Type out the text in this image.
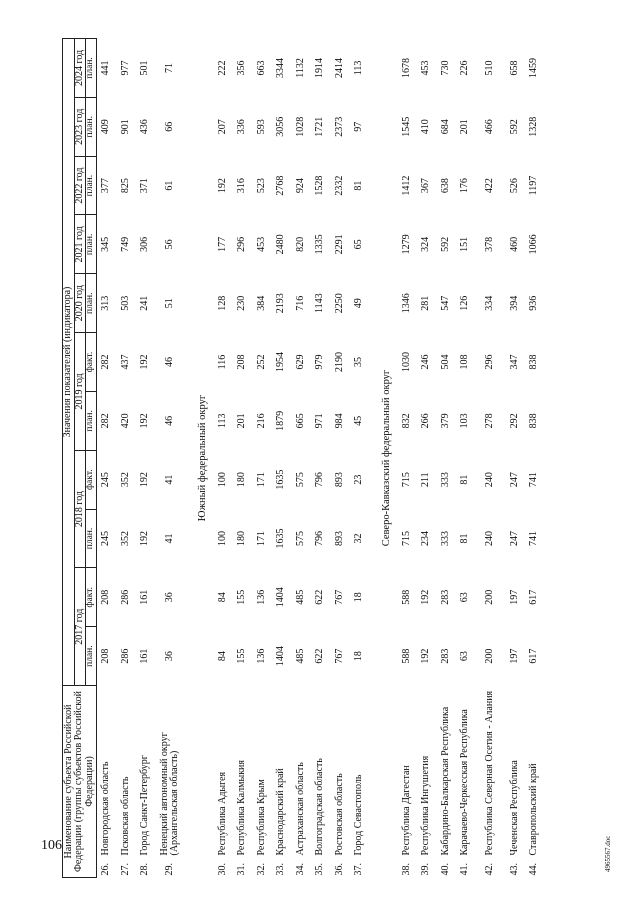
106	4965567.doc
Наименование субъекта Российской Федерации (группы субъектов Российской Федерации)		Значения показателей (индикатора)										
		2017 год		2018 год		2019 год		2020 год	2021 год	2022 год	2023 год	2024 год
		план.	факт.	план.	факт.	план.	факт.	план.	план.	план.	план.	план.
26.	Новгородская область	208	208	245	245	282	282	313	345	377	409	441
27.	Псковская область	286	286	352	352	420	437	503	749	825	901	977
28.	Город Санкт-Петербург	161	161	192	192	192	192	241	306	371	436	501
29.	Ненецкий автономный округ (Архангельская область)	36	36	41	41	46	46	51	56	61	66	71

Южный федеральный округ												
30.	Республика Адыгея	84	84	100	100	113	116	128	177	192	207	222
31.	Республика Калмыкия	155	155	180	180	201	208	230	296	316	336	356
32.	Республика Крым	136	136	171	171	216	252	384	453	523	593	663
33.	Краснодарский край	1404	1404	1635	1635	1879	1954	2193	2480	2768	3056	3344
34.	Астраханская область	485	485	575	575	665	629	716	820	924	1028	1132
35.	Волгоградская область	622	622	796	796	971	979	1143	1335	1528	1721	1914
36.	Ростовская область	767	767	893	893	984	2190	2250	2291	2332	2373	2414
37.	Город Севастополь	18	18	32	23	45	35	49	65	81	97	113

Северо-Кавказский федеральный округ												
38.	Республика Дагестан	588	588	715	715	832	1030	1346	1279	1412	1545	1678
39.	Республика Ингушетия	192	192	234	211	266	246	281	324	367	410	453
40.	Кабардино-Балкарская Республика	283	283	333	333	379	504	547	592	638	684	730
41.	Карачаево-Черкесская Республика	63	63	81	81	103	108	126	151	176	201	226
42.	Республика Северная Осетия - Алания	200	200	240	240	278	296	334	378	422	466	510
43.	Чеченская Республика	197	197	247	247	292	347	394	460	526	592	658
44.	Ставропольский край	617	617	741	741	838	838	936	1066	1197	1328	1459
